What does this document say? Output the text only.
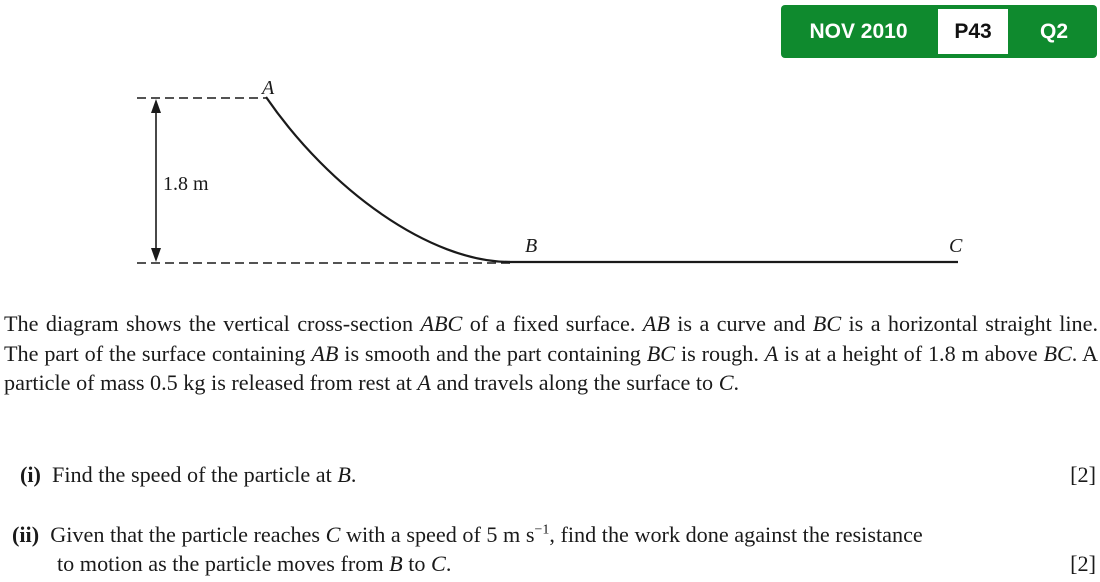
NOV 2010	P43	Q2
1.8 m
A
B	C

The diagram shows the vertical cross-section ABC of a fixed surface. AB is a curve and BC is a horizontal straight line. The part of the surface containing AB is smooth and the part containing BC is rough. A is at a height of 1.8 m above BC. A particle of mass 0.5 kg is released from rest at A and travels along the surface to C.

(i) Find the speed of the particle at B.	[2]
(ii) Given that the particle reaches C with a speed of 5 m $s^{-1}$, find the work done against the resistance
to motion as the particle moves from B to C.	[2]
